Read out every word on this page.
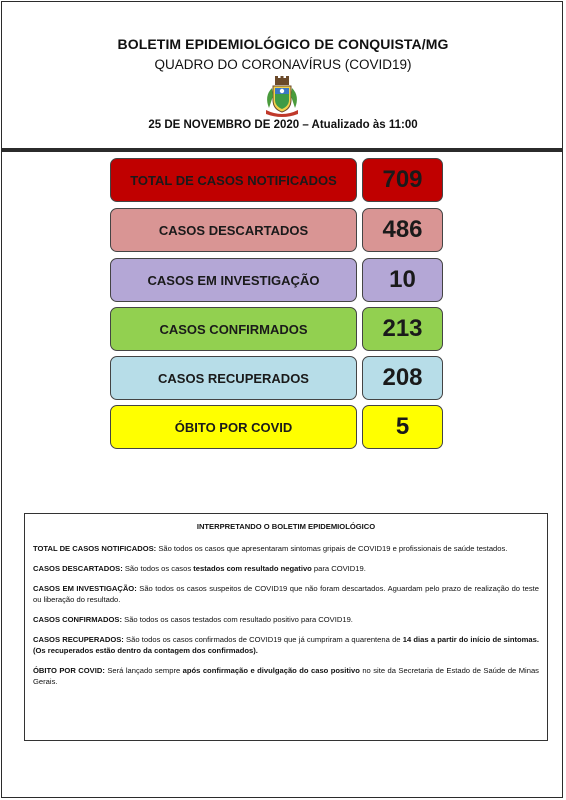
BOLETIM EPIDEMIOLÓGICO DE CONQUISTA/MG
QUADRO DO CORONAVÍRUS (COVID19)
25 DE NOVEMBRO DE 2020 – Atualizado às 11:00
TOTAL DE CASOS NOTIFICADOS	709
CASOS DESCARTADOS	486
CASOS EM INVESTIGAÇÃO	10
CASOS CONFIRMADOS	213
CASOS RECUPERADOS	208
ÓBITO POR COVID	5
INTERPRETANDO O BOLETIM EPIDEMIOLÓGICO

TOTAL DE CASOS NOTIFICADOS: São todos os casos que apresentaram sintomas gripais de COVID19 e profissionais de saúde testados.

CASOS DESCARTADOS: São todos os casos testados com resultado negativo para COVID19.

CASOS EM INVESTIGAÇÃO: São todos os casos suspeitos de COVID19 que não foram descartados. Aguardam pelo prazo de realização do teste ou liberação do resultado.

CASOS CONFIRMADOS: São todos os casos testados com resultado positivo para COVID19.

CASOS RECUPERADOS: São todos os casos confirmados de COVID19 que já cumpriram a quarentena de 14 dias a partir do início de sintomas. (Os recuperados estão dentro da contagem dos confirmados).

ÓBITO POR COVID: Será lançado sempre após confirmação e divulgação do caso positivo no site da Secretaria de Estado de Saúde de Minas Gerais.
